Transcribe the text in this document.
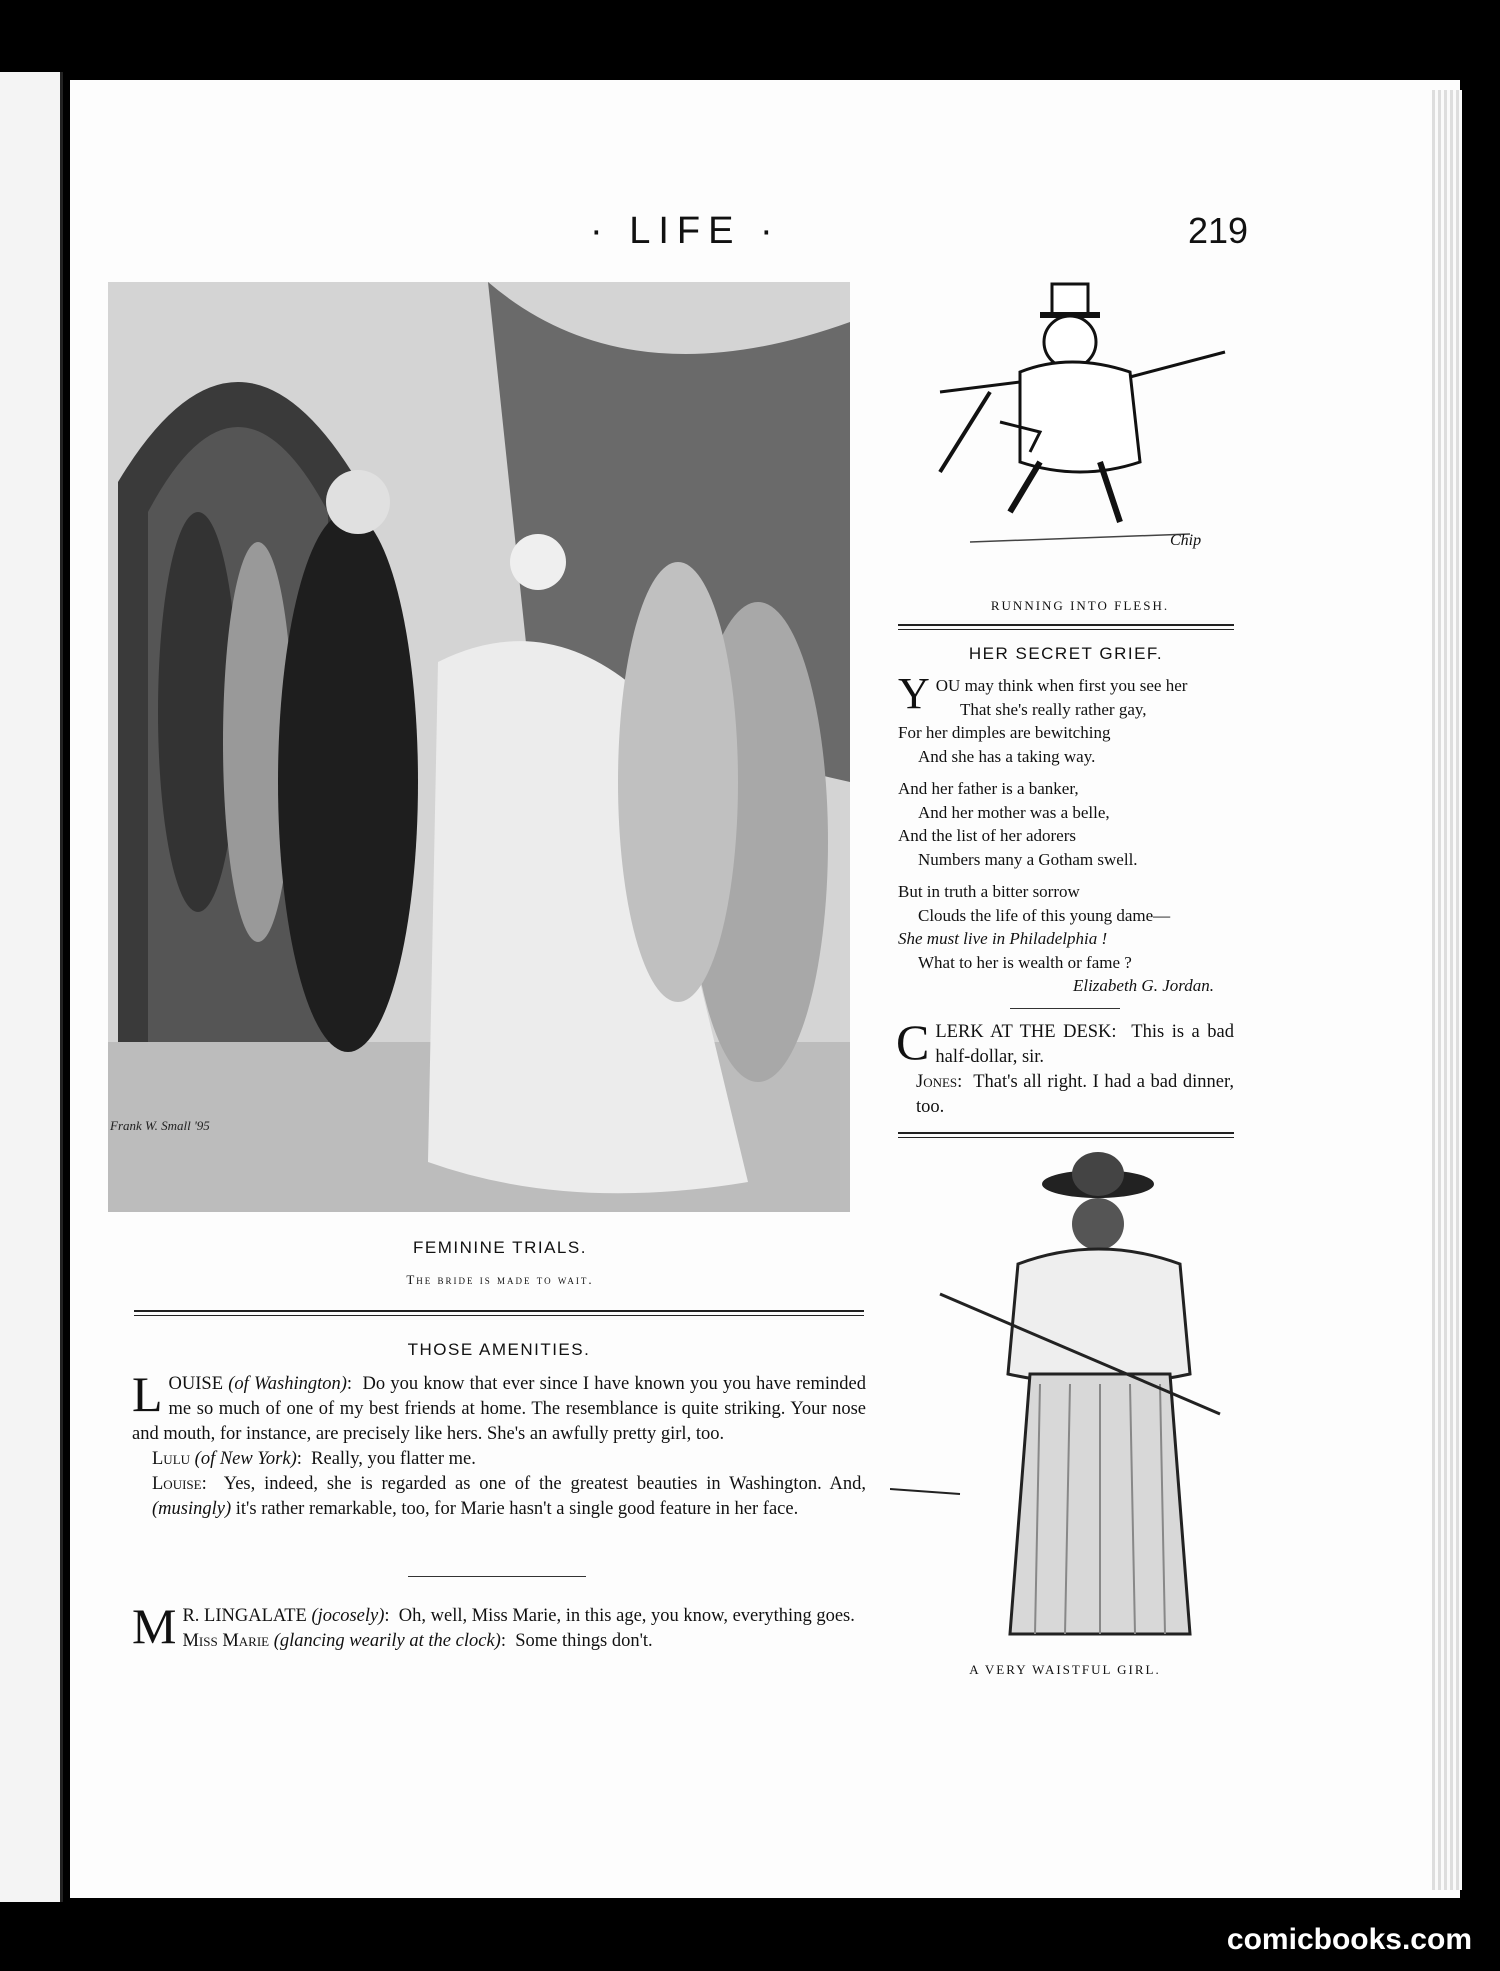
· LIFE ·	219
Frank W. Small '95
FEMININE TRIALS.
The bride is made to wait.
THOSE AMENITIES.

L OUISE (of Washington):  Do you know that ever since I have known you you have reminded me so much of one of my best friends at home. The resemblance is quite striking. Your nose and mouth, for instance, are precisely like hers. She's an awfully pretty girl, too.

Lulu (of New York):  Really, you flatter me.

Louise:  Yes, indeed, she is regarded as one of the greatest beauties in Washington. And, (musingly) it's rather remarkable, too, for Marie hasn't a single good feature in her face.

M R. LINGALATE (jocosely):  Oh, well, Miss Marie, in this age, you know, everything goes.

Miss Marie (glancing wearily at the clock):  Some things don't.

Chip
RUNNING INTO FLESH.
HER SECRET GRIEF.

YOU may think when first you see her

That she's really rather gay,

For her dimples are bewitching

And she has a taking way.

And her father is a banker,

And her mother was a belle,

And the list of her adorers

Numbers many a Gotham swell.

But in truth a bitter sorrow

Clouds the life of this young dame—

She must live in Philadelphia !

What to her is wealth or fame ?

Elizabeth G. Jordan.

C LERK AT THE DESK:  This is a bad half-dollar, sir.

Jones:  That's all right. I had a bad dinner, too.

A VERY WAISTFUL GIRL.
comicbooks.com
